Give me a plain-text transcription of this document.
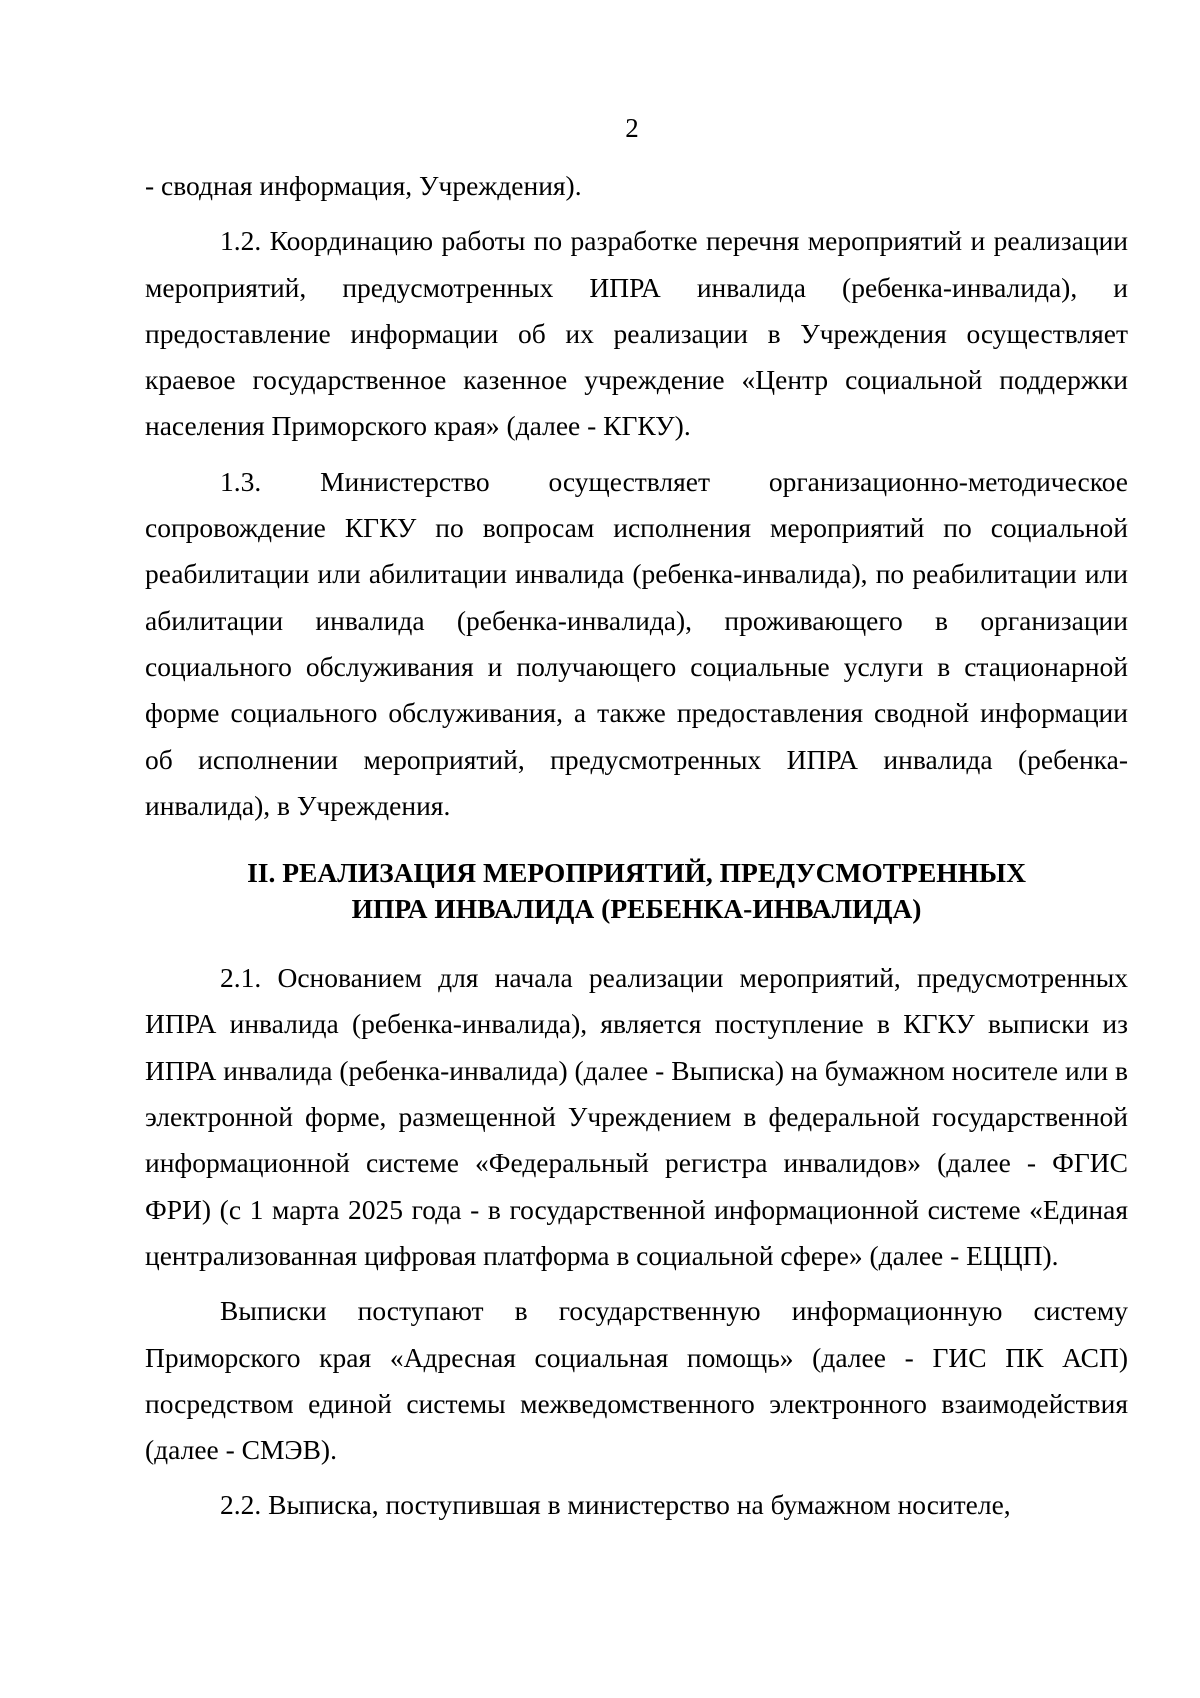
2

- сводная информация, Учреждения).

1.2. Координацию работы по разработке перечня мероприятий и реализации мероприятий, предусмотренных ИПРА инвалида (ребенка-инвалида), и предоставление информации об их реализации в Учреждения осуществляет краевое государственное казенное учреждение «Центр социальной поддержки населения Приморского края» (далее - КГКУ).

1.3. Министерство осуществляет организационно-методическое сопровождение КГКУ по вопросам исполнения мероприятий по социальной реабилитации или абилитации инвалида (ребенка-инвалида), по реабилитации или абилитации инвалида (ребенка-инвалида), проживающего в организации социального обслуживания и получающего социальные услуги в стационарной форме социального обслуживания, а также предоставления сводной информации об исполнении мероприятий, предусмотренных ИПРА инвалида (ребенка-инвалида), в Учреждения.

II. РЕАЛИЗАЦИЯ МЕРОПРИЯТИЙ, ПРЕДУСМОТРЕННЫХ
ИПРА ИНВАЛИДА (РЕБЕНКА-ИНВАЛИДА)

2.1. Основанием для начала реализации мероприятий, предусмотренных ИПРА инвалида (ребенка-инвалида), является поступление в КГКУ выписки из ИПРА инвалида (ребенка-инвалида) (далее - Выписка) на бумажном носителе или в электронной форме, размещенной Учреждением в федеральной государственной информационной системе «Федеральный регистра инвалидов» (далее - ФГИС ФРИ) (с 1 марта 2025 года - в государственной информационной системе «Единая централизованная цифровая платформа в социальной сфере» (далее - ЕЦЦП).

Выписки поступают в государственную информационную систему Приморского края «Адресная социальная помощь» (далее - ГИС ПК АСП) посредством единой системы межведомственного электронного взаимодействия (далее - СМЭВ).

2.2. Выписка, поступившая в министерство на бумажном носителе,
